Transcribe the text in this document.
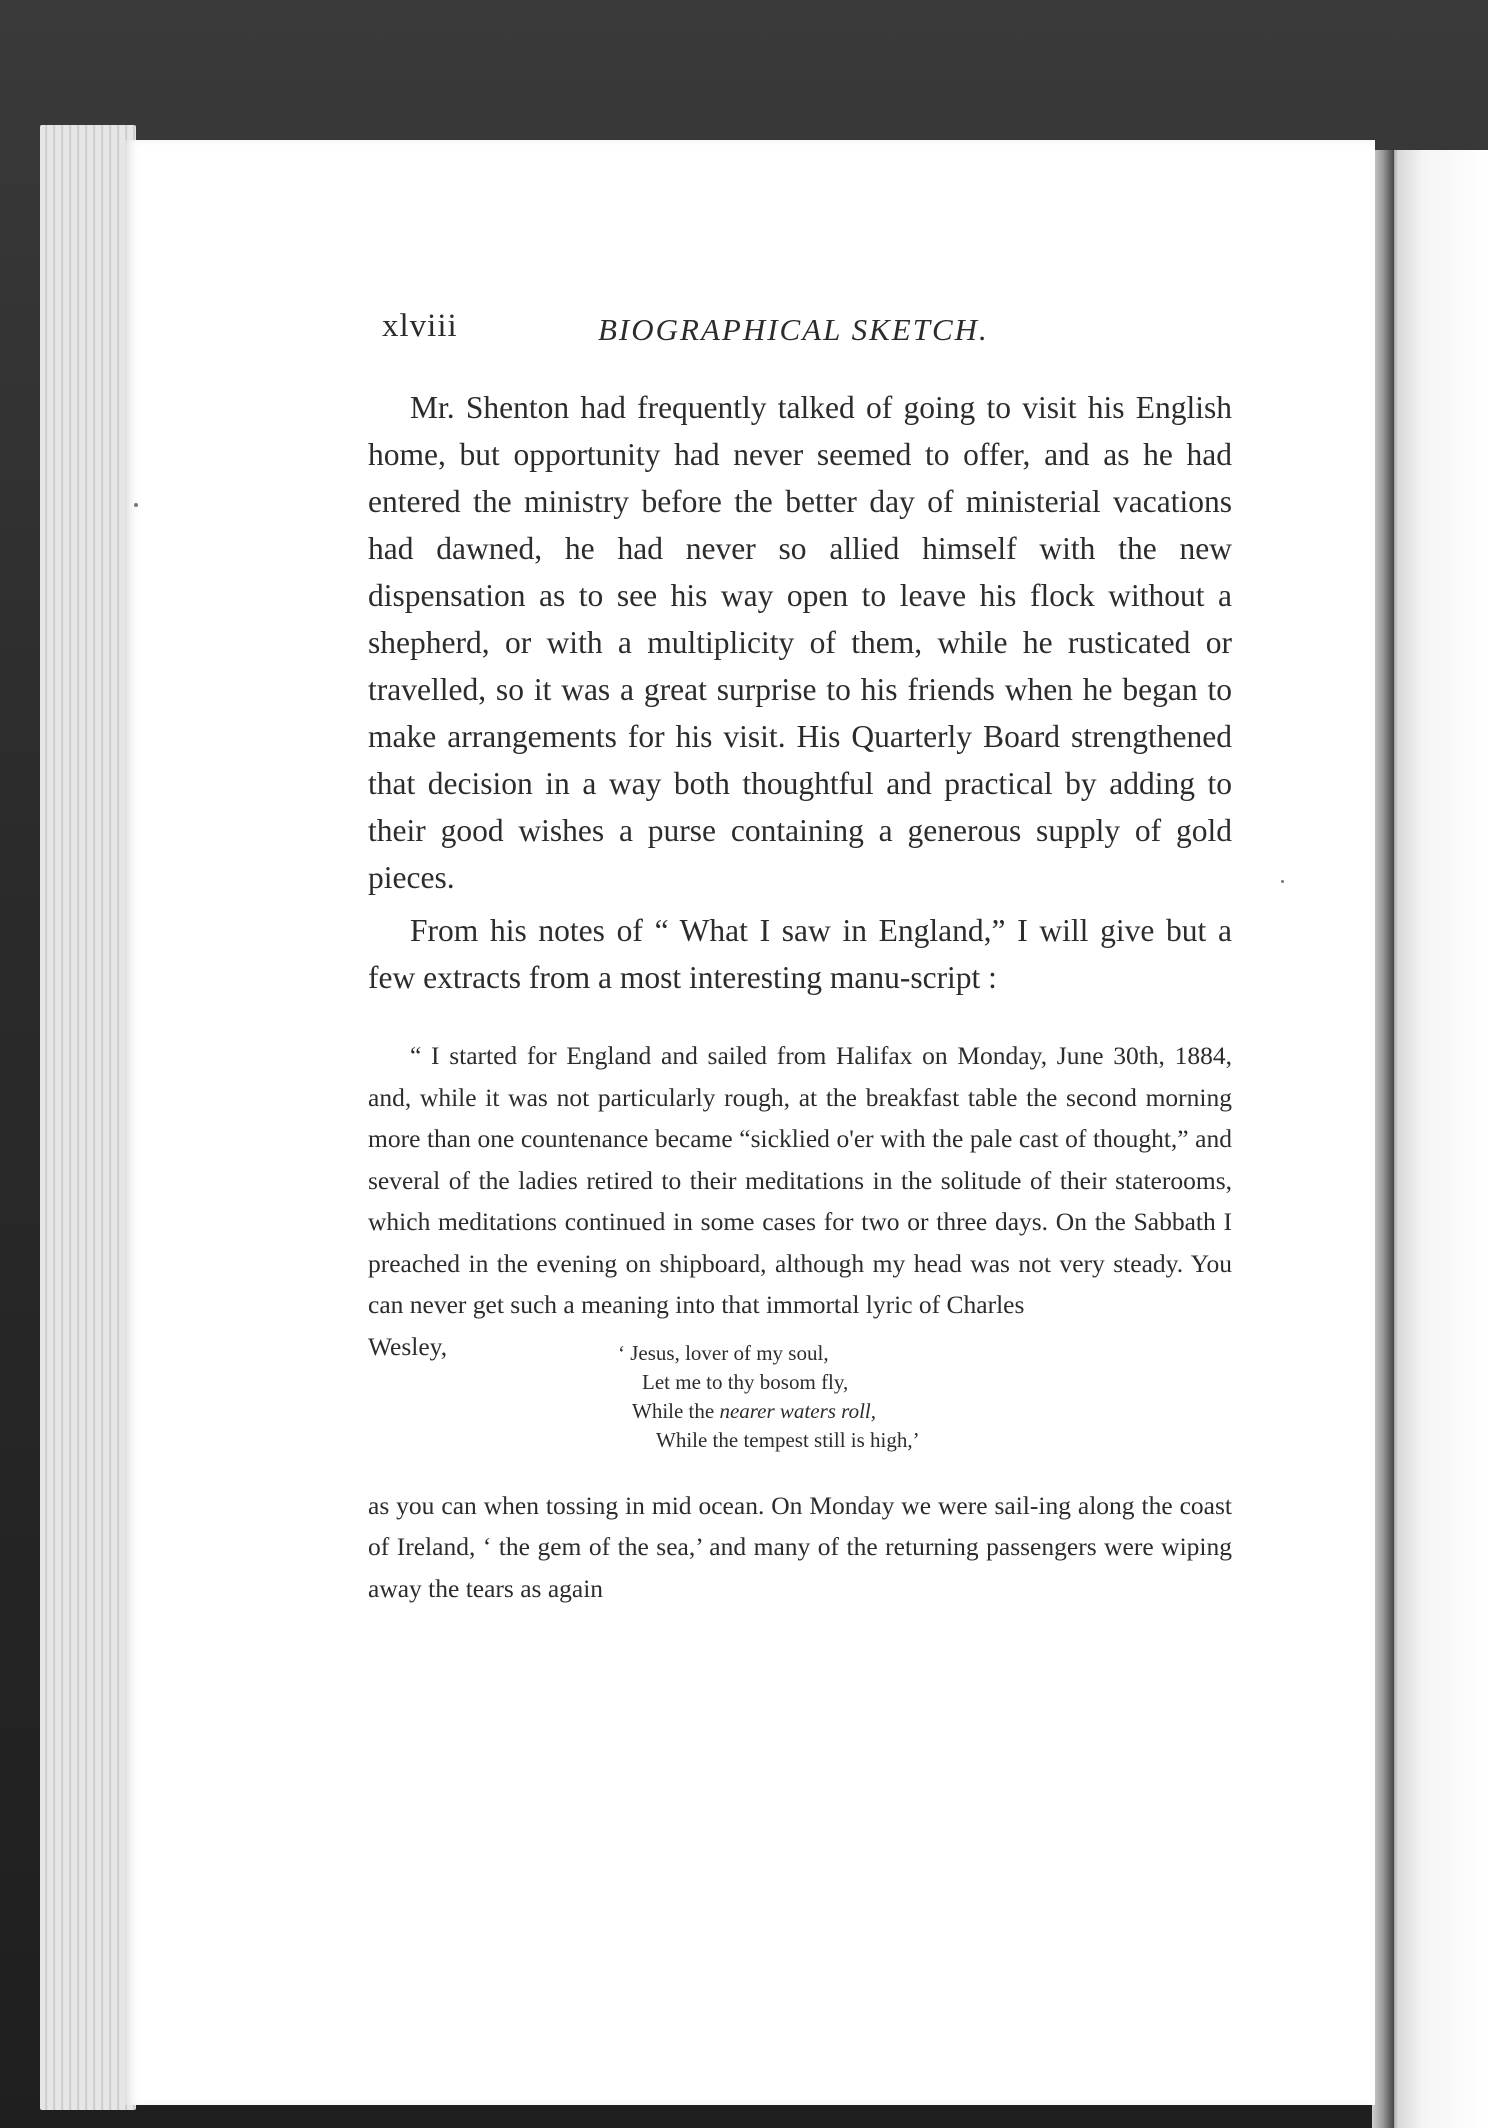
xlviii	BIOGRAPHICAL SKETCH.

Mr. Shenton had frequently talked of going to visit his English home, but opportunity had never seemed to offer, and as he had entered the ministry before the better day of ministerial vacations had dawned, he had never so allied himself with the new dispensation as to see his way open to leave his flock without a shepherd, or with a multiplicity of them, while he rusticated or travelled, so it was a great surprise to his friends when he began to make arrangements for his visit. His Quarterly Board strengthened that decision in a way both thoughtful and practical by adding to their good wishes a purse containing a generous supply of gold pieces.

From his notes of “ What I saw in England,” I will give but a few extracts from a most interesting manu-script :

“ I started for England and sailed from Halifax on Monday, June 30th, 1884, and, while it was not particularly rough, at the breakfast table the second morning more than one countenance became “sicklied o'er with the pale cast of thought,” and several of the ladies retired to their meditations in the solitude of their staterooms, which meditations continued in some cases for two or three days. On the Sabbath I preached in the evening on shipboard, although my head was not very steady. You can never get such a meaning into that immortal lyric of Charles

Wesley,	‘ Jesus, lover of my soul,
Let me to thy bosom fly,
While the nearer waters roll,
While the tempest still is high,’

as you can when tossing in mid ocean. On Monday we were sail-ing along the coast of Ireland, ‘ the gem of the sea,’ and many of the returning passengers were wiping away the tears as again
